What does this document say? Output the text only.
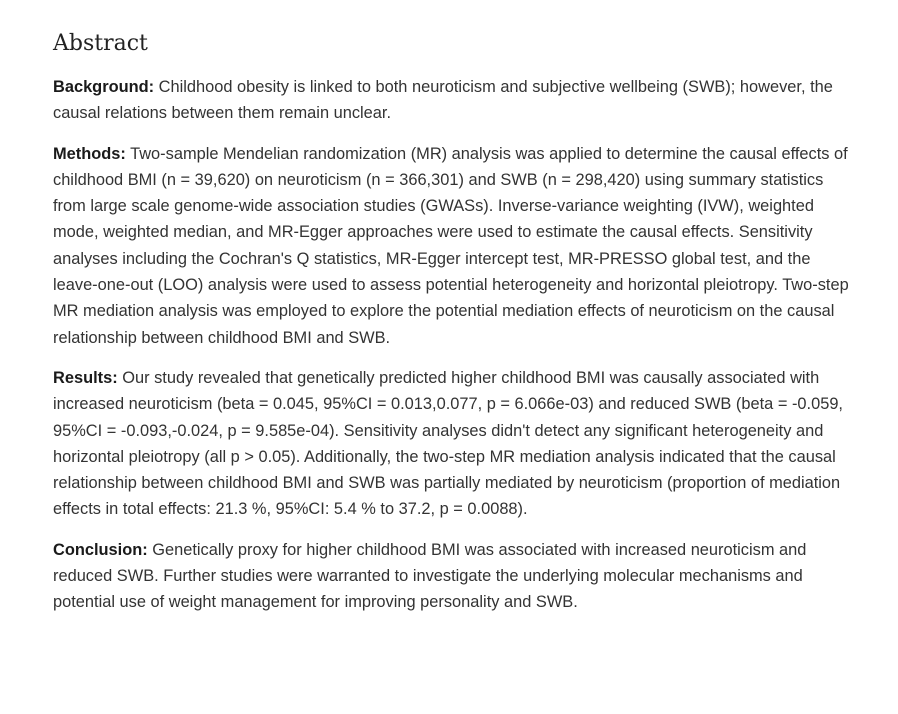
Abstract

Background: Childhood obesity is linked to both neuroticism and subjective wellbeing (SWB); however, the causal relations between them remain unclear.

Methods: Two-sample Mendelian randomization (MR) analysis was applied to determine the causal effects of childhood BMI (n = 39,620) on neuroticism (n = 366,301) and SWB (n = 298,420) using summary statistics from large scale genome-wide association studies (GWASs). Inverse-variance weighting (IVW), weighted mode, weighted median, and MR-Egger approaches were used to estimate the causal effects. Sensitivity analyses including the Cochran's Q statistics, MR-Egger intercept test, MR-PRESSO global test, and the leave-one-out (LOO) analysis were used to assess potential heterogeneity and horizontal pleiotropy. Two-step MR mediation analysis was employed to explore the potential mediation effects of neuroticism on the causal relationship between childhood BMI and SWB.

Results: Our study revealed that genetically predicted higher childhood BMI was causally associated with increased neuroticism (beta = 0.045, 95%CI = 0.013,0.077, p = 6.066e-03) and reduced SWB (beta = -0.059, 95%CI = -0.093,-0.024, p = 9.585e-04). Sensitivity analyses didn't detect any significant heterogeneity and horizontal pleiotropy (all p > 0.05). Additionally, the two-step MR mediation analysis indicated that the causal relationship between childhood BMI and SWB was partially mediated by neuroticism (proportion of mediation effects in total effects: 21.3 %, 95%CI: 5.4 % to 37.2, p = 0.0088).

Conclusion: Genetically proxy for higher childhood BMI was associated with increased neuroticism and reduced SWB. Further studies were warranted to investigate the underlying molecular mechanisms and potential use of weight management for improving personality and SWB.
